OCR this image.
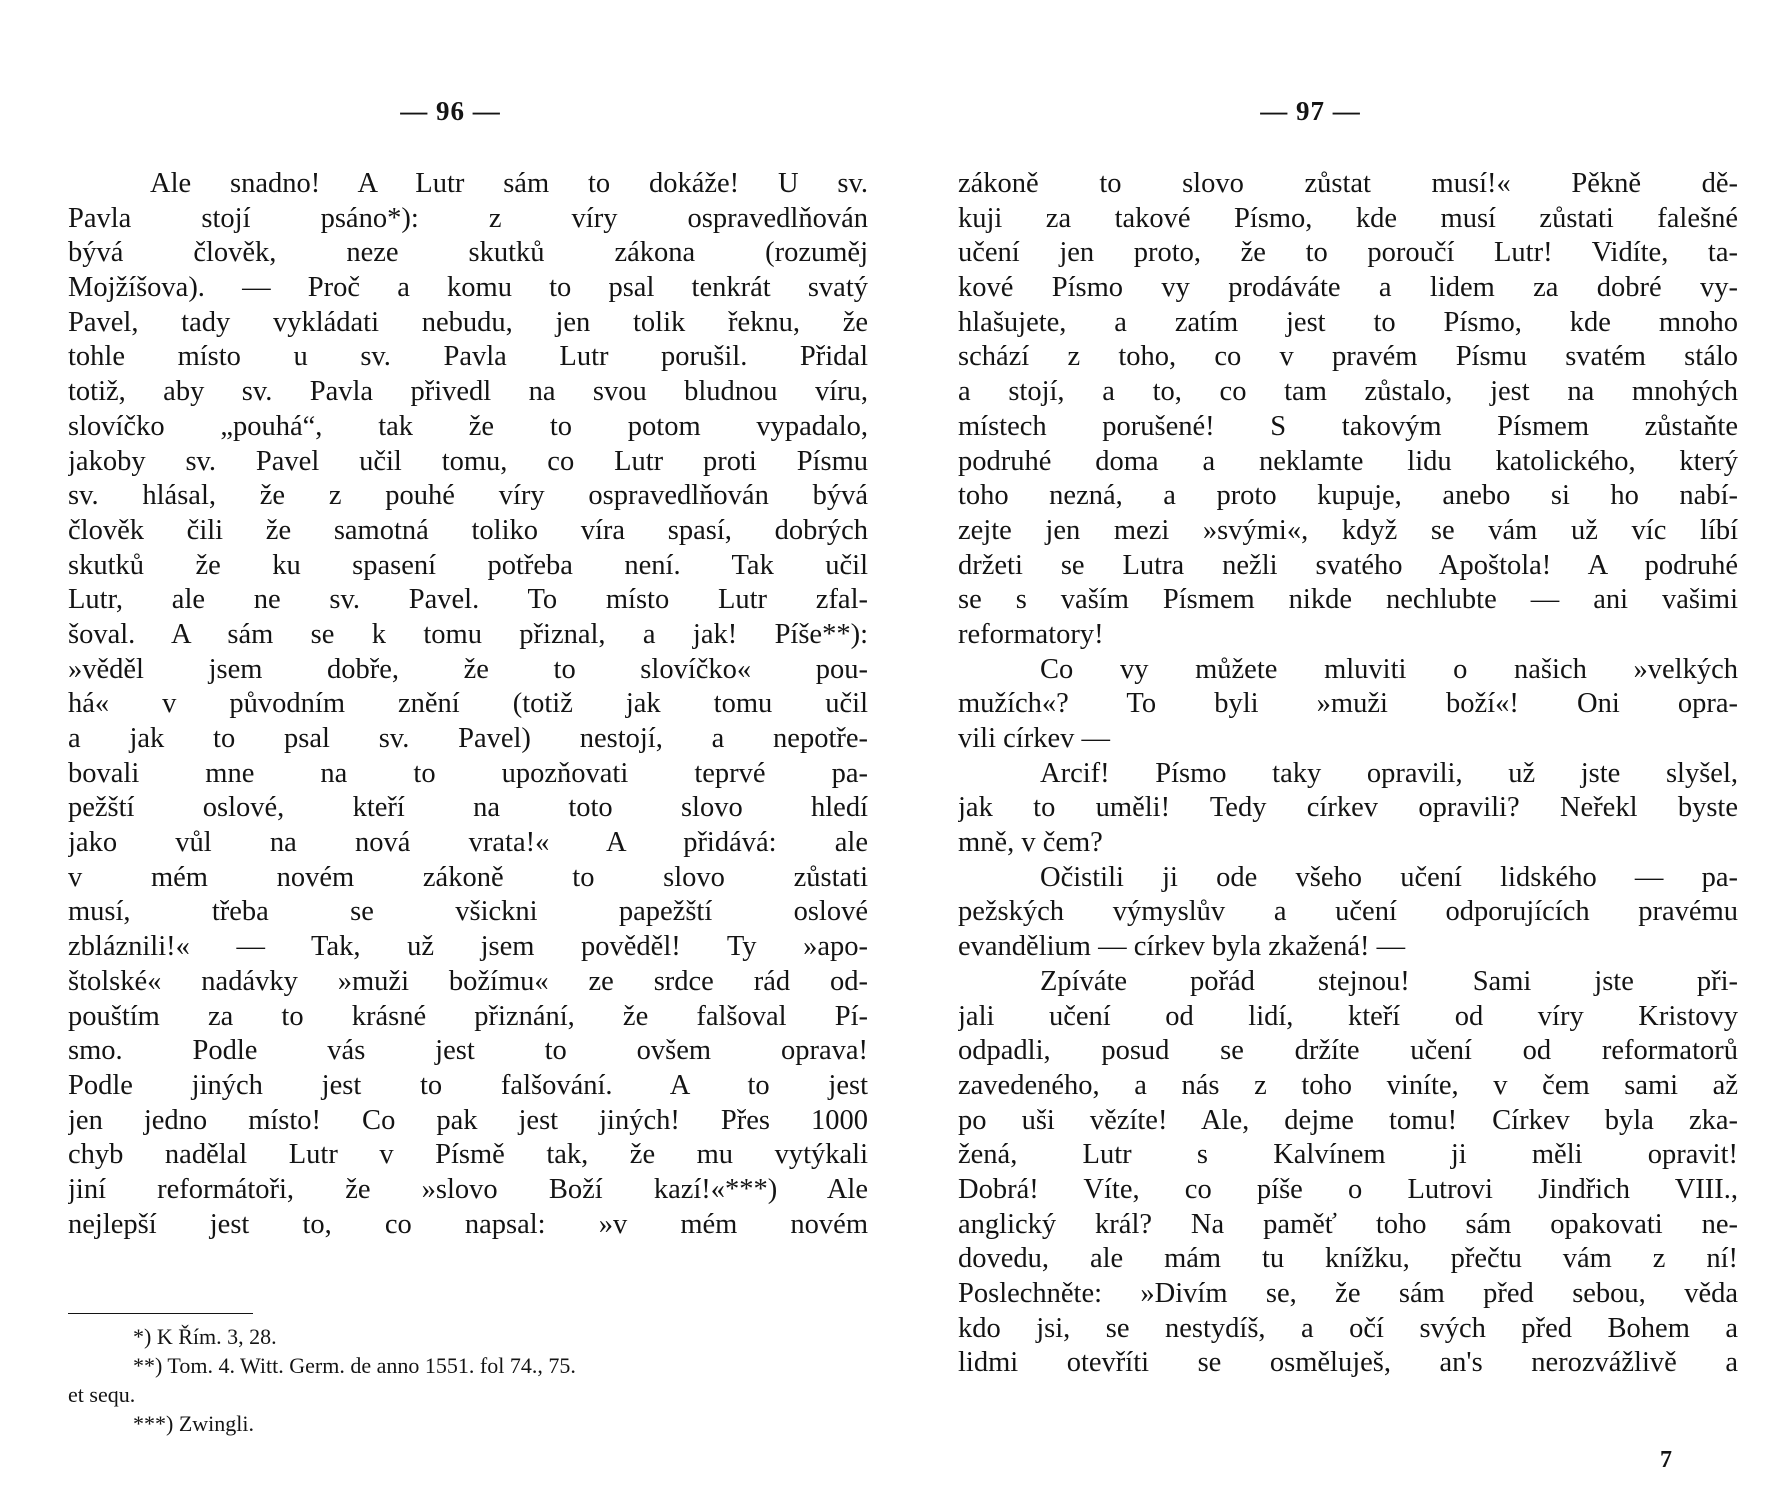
— 96 —
Ale snadno! A Lutr sám to dokáže! U sv.
Pavla stojí psáno*): z víry ospravedlňován
bývá člověk, neze skutků zákona (rozuměj
Mojžíšova). — Proč a komu to psal tenkrát svatý
Pavel, tady vykládati nebudu, jen tolik řeknu, že
tohle místo u sv. Pavla Lutr porušil. Přidal
totiž, aby sv. Pavla přivedl na svou bludnou víru,
slovíčko „pouhá“, tak že to potom vypadalo,
jakoby sv. Pavel učil tomu, co Lutr proti Písmu
sv. hlásal, že z pouhé víry ospravedlňován bývá
člověk čili že samotná toliko víra spasí, dobrých
skutků že ku spasení potřeba není. Tak učil
Lutr, ale ne sv. Pavel. To místo Lutr zfal-
šoval. A sám se k tomu přiznal, a jak! Píše**):
»věděl jsem dobře, že to slovíčko« pou-
há« v původním znění (totiž jak tomu učil
a jak to psal sv. Pavel) nestojí, a nepotře-
bovali mne na to upozňovati teprvé pa-
pežští oslové, kteří na toto slovo hledí
jako vůl na nová vrata!« A přidává: ale
v mém novém zákoně to slovo zůstati
musí, třeba se všickni papežští oslové
zbláznili!« — Tak, už jsem pověděl! Ty »apo-
štolské« nadávky »muži božímu« ze srdce rád od-
pouštím za to krásné přiznání, že falšoval Pí-
smo. Podle vás jest to ovšem oprava!
Podle jiných jest to falšování. A to jest
jen jedno místo! Co pak jest jiných! Přes 1000
chyb nadělal Lutr v Písmě tak, že mu vytýkali
jiní reformátoři, že »slovo Boží kazí!«***) Ale
nejlepší jest to, co napsal: »v mém novém
*) K Řím. 3, 28.
**) Tom. 4. Witt. Germ. de anno 1551. fol 74., 75.
et sequ.
***) Zwingli.
— 97 —
zákoně to slovo zůstat musí!« Pěkně dě-
kuji za takové Písmo, kde musí zůstati falešné
učení jen proto, že to poroučí Lutr! Vidíte, ta-
kové Písmo vy prodáváte a lidem za dobré vy-
hlašujete, a zatím jest to Písmo, kde mnoho
schází z toho, co v pravém Písmu svatém stálo
a stojí, a to, co tam zůstalo, jest na mnohých
místech porušené! S takovým Písmem zůstaňte
podruhé doma a neklamte lidu katolického, který
toho nezná, a proto kupuje, anebo si ho nabí-
zejte jen mezi »svými«, když se vám už víc líbí
držeti se Lutra nežli svatého Apoštola! A podruhé
se s vaším Písmem nikde nechlubte — ani vašimi
reformatory!
Co vy můžete mluviti o našich »velkých
mužích«? To byli »muži boží«! Oni opra-
vili církev —
Arcif! Písmo taky opravili, už jste slyšel,
jak to uměli! Tedy církev opravili? Neřekl byste
mně, v čem?
Očistili ji ode všeho učení lidského — pa-
pežských výmyslův a učení odporujících pravému
evandělium — církev byla zkažená! —
Zpíváte pořád stejnou! Sami jste při-
jali učení od lidí, kteří od víry Kristovy
odpadli, posud se držíte učení od reformatorů
zavedeného, a nás z toho viníte, v čem sami až
po uši vězíte! Ale, dejme tomu! Církev byla zka-
žená, Lutr s Kalvínem ji měli opravit!
Dobrá! Víte, co píše o Lutrovi Jindřich VIII.,
anglický král? Na paměť toho sám opakovati ne-
dovedu, ale mám tu knížku, přečtu vám z ní!
Poslechněte: »Divím se, že sám před sebou, věda
kdo jsi, se nestydíš, a očí svých před Bohem a
lidmi otevříti se osměluješ, an's nerozvážlivě a
7
